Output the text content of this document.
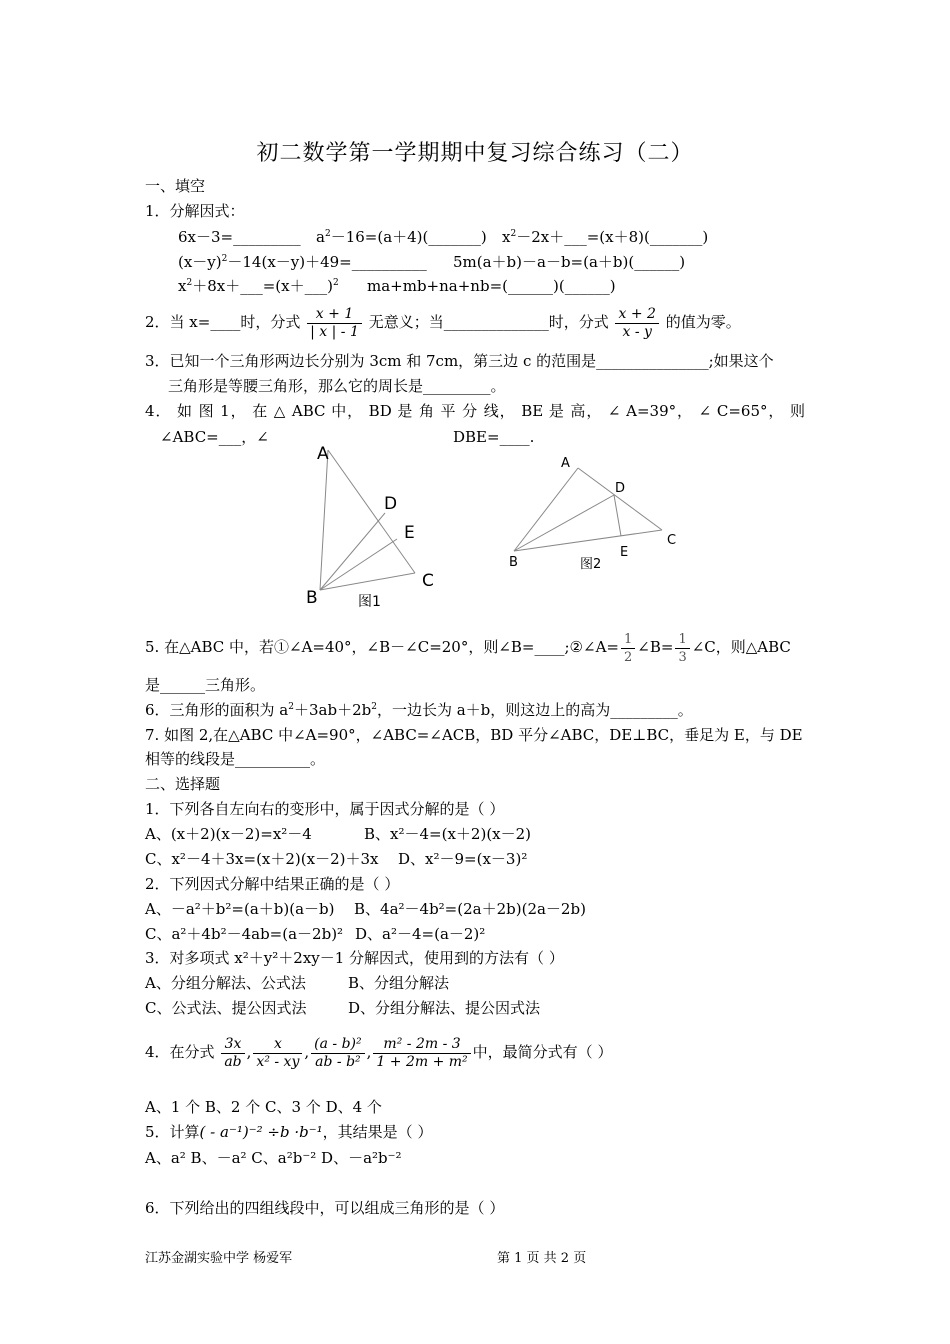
初二数学第一学期期中复习综合练习（二）
一、填空
1．分解因式：
6x－3=_________ $a^2-16=(a+4)(\_\_\_\_\_\_\_)$ $x^2-2x+\_\_\_=(x+8)(\_\_\_\_\_\_\_)$
$(x-y)^2-14(x-y)+49=\_\_\_\_\_\_\_\_\_\_$ 5m(a＋b)－a－b=(a＋b)(______)
$x^2+8x+\_\_\_=(x+\_\_\_)^2$ ma+mb+na+nb=(______)(______)
2．当 x=____时，分式 $\frac{x + 1}{| x | - 1}$ 无意义；当______________时，分式 $\frac{x + 2}{x - y}$ 的值为零。
3．已知一个三角形两边长分别为 3cm 和 7cm，第三边 c 的范围是_______________;如果这个
三角形是等腰三角形，那么它的周长是_________。
4． 如 图 1， 在 △ ABC 中， BD 是 角 平 分 线， BE 是 高， ∠ A=39°， ∠ C=65°， 则
∠ABC=___，∠	DBE=____.
A
D
E
C
B	图1
A
D
C
E
B	图2
5. 在△ABC 中，若①∠A=40°，∠B－∠C=20°，则∠B=____;②∠A= $\frac{1}{2}$ ∠B= $\frac{1}{3}$ ∠C，则△ABC
是______三角形。
6．三角形的面积为 $a^2+3ab+2b^2$，一边长为 a＋b，则这边上的高为_________。
7. 如图 2,在△ABC 中∠A=90°，∠ABC=∠ACB，BD 平分∠ABC，DE⊥BC，垂足为 E，与 DE
相等的线段是__________。
二、选择题
1．下列各自左向右的变形中，属于因式分解的是（ ）
A、(x＋2)(x－2)=x²－4	B、x²－4=(x＋2)(x－2)
C、x²－4＋3x=(x＋2)(x－2)＋3x D、x²－9=(x－3)²
2．下列因式分解中结果正确的是（ ）
A、－a²＋b²=(a＋b)(a－b) B、4a²－4b²=(2a＋2b)(2a－2b)
C、a²＋4b²－4ab=(a－2b)² D、a²－4=(a－2)²
3．对多项式 x²＋y²＋2xy－1 分解因式，使用到的方法有（ ）
A、分组分解法、公式法	B、分组分解法
C、公式法、提公因式法	D、分组分解法、提公因式法
4．在分式 $\frac{3x}{ab}$ , $\frac{x}{\text{x² - xy}}$ , $\frac{\text{(a - b)²}}{\text{ab - b²}}$ , $\frac{\text{m² - 2m - 3}}{\text{1 + 2m + m²}}$ 中，最简分式有（ ）
A、1 个 B、2 个 C、3 个 D、4 个
5．计算( - a⁻¹)⁻² ÷b ·b⁻¹，其结果是（ ）
A、a² B、－a² C、a²b⁻² D、－a²b⁻²
6．下列给出的四组线段中，可以组成三角形的是（ ）
江苏金湖实验中学 杨爱军	第 1 页 共 2 页
